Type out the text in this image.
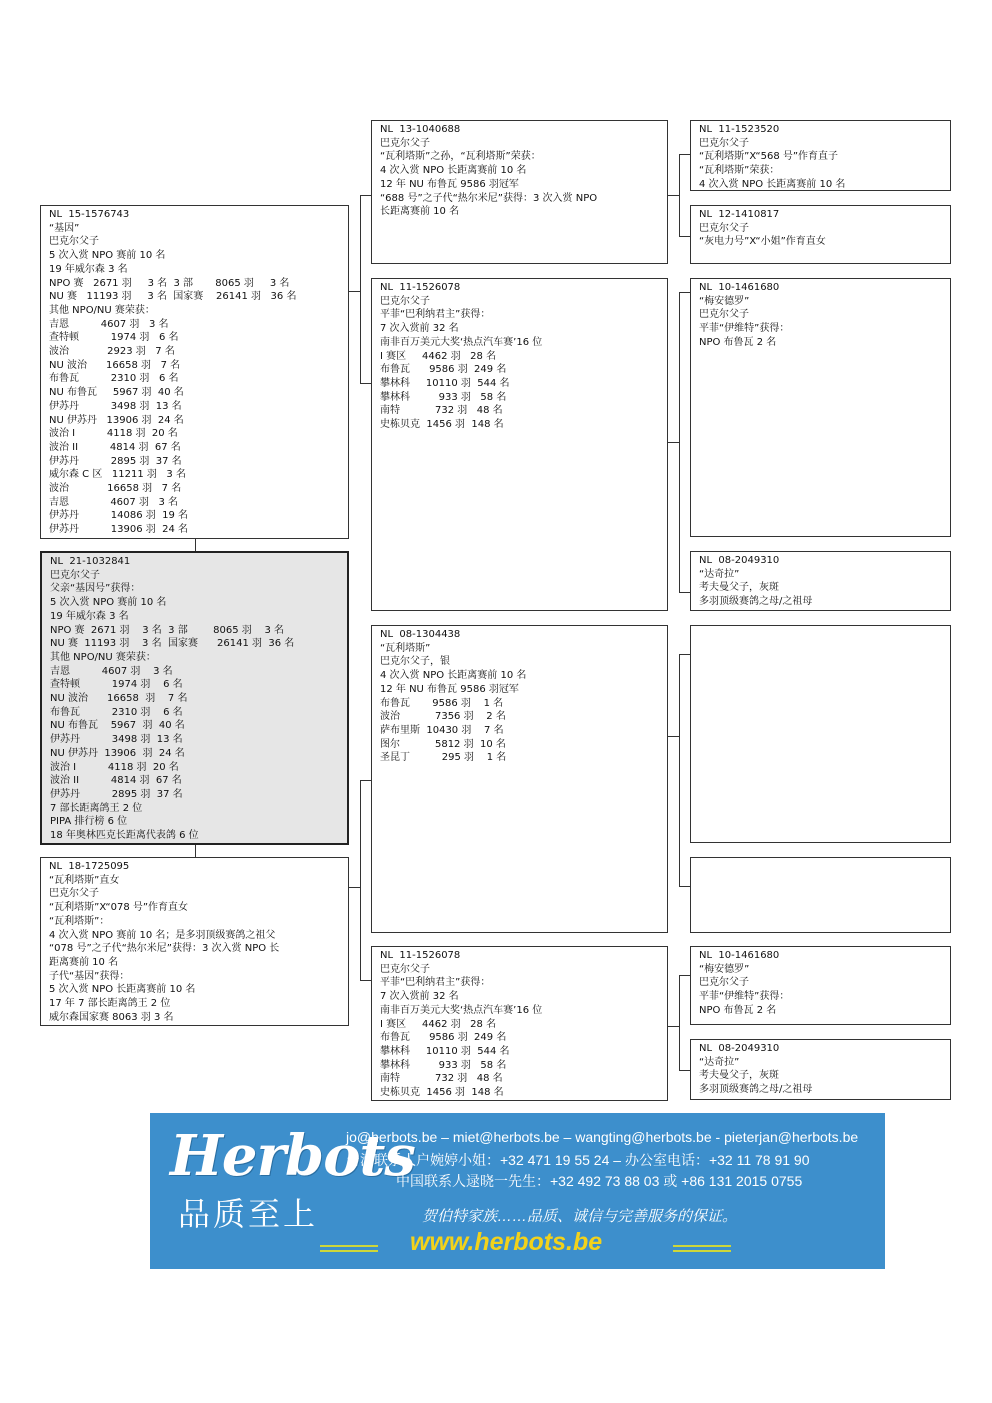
NL  15-1576743
“基因”
巴克尔父子
5 次入赏 NPO 赛前 10 名
19 年威尔森 3 名
NPO 赛   2671 羽     3 名  3 部       8065 羽     3 名
NU 赛   11193 羽     3 名  国家赛    26141 羽   36 名
其他 NPO/NU 赛荣获：
吉恩          4607 羽   3 名
查特顿          1974 羽   6 名
波治            2923 羽   7 名
NU 波治      16658 羽   7 名
布鲁瓦          2310 羽   6 名
NU 布鲁瓦     5967 羽  40 名
伊苏丹          3498 羽  13 名
NU 伊苏丹   13906 羽  24 名
波治 I          4118 羽  20 名
波治 II          4814 羽  67 名
伊苏丹          2895 羽  37 名
威尔森 C 区   11211 羽   3 名
波治            16658 羽   7 名
吉恩             4607 羽   3 名
伊苏丹          14086 羽  19 名
伊苏丹          13906 羽  24 名
NL  21-1032841
巴克尔父子
父亲“基因号”获得：
5 次入赏 NPO 赛前 10 名
19 年威尔森 3 名
NPO 赛  2671 羽    3 名  3 部        8065 羽    3 名
NU 赛  11193 羽    3 名  国家赛      26141 羽  36 名
其他 NPO/NU 赛荣获：
吉恩          4607 羽    3 名
查特顿          1974 羽    6 名
NU 波治      16658  羽    7 名
布鲁瓦          2310 羽    6 名
NU 布鲁瓦    5967  羽  40 名
伊苏丹          3498 羽  13 名
NU 伊苏丹  13906  羽  24 名
波治 I          4118 羽  20 名
波治 II          4814 羽  67 名
伊苏丹          2895 羽  37 名
7 部长距离鸽王 2 位
PIPA 排行榜 6 位
18 年奥林匹克长距离代表鸽 6 位
NL  18-1725095
“瓦利塔斯”直女
巴克尔父子
“瓦利塔斯”X“078 号”作育直女
“瓦利塔斯”：
4 次入赏 NPO 赛前 10 名；是多羽顶级赛鸽之祖父
“078 号”之子代“热尔米尼”获得：3 次入赏 NPO 长
距离赛前 10 名
子代“基因”获得：
5 次入赏 NPO 长距离赛前 10 名
17 年 7 部长距离鸽王 2 位
威尔森国家赛 8063 羽 3 名
NL  13-1040688
巴克尔父子
“瓦利塔斯”之孙，“瓦利塔斯”荣获：
4 次入赏 NPO 长距离赛前 10 名
12 年 NU 布鲁瓦 9586 羽冠军
“688 号”之子代“热尔米尼”获得：3 次入赏 NPO
长距离赛前 10 名
NL  11-1526078
巴克尔父子
平菲“巴利纳君主”获得：
7 次入赏前 32 名
南非百万美元大奖‘热点汽车赛’16 位
I 赛区     4462 羽   28 名
布鲁瓦      9586 羽  249 名
攀林科     10110 羽  544 名
攀林科         933 羽   58 名
南特           732 羽   48 名
史栋贝克  1456 羽  148 名
NL  08-1304438
“瓦利塔斯”
巴克尔父子，银
4 次入赏 NPO 长距离赛前 10 名
12 年 NU 布鲁瓦 9586 羽冠军
布鲁瓦       9586 羽    1 名
波治           7356 羽    2 名
萨布里斯  10430 羽    7 名
图尔           5812 羽  10 名
圣昆丁          295 羽    1 名
NL  11-1526078
巴克尔父子
平菲“巴利纳君主”获得：
7 次入赏前 32 名
南非百万美元大奖‘热点汽车赛’16 位
I 赛区     4462 羽   28 名
布鲁瓦      9586 羽  249 名
攀林科     10110 羽  544 名
攀林科         933 羽   58 名
南特           732 羽   48 名
史栋贝克  1456 羽  148 名
NL  11-1523520
巴克尔父子
“瓦利塔斯”X“568 号”作育直子
“瓦利塔斯”荣获：
4 次入赏 NPO 长距离赛前 10 名
NL  12-1410817
巴克尔父子
“灰电力号”X“小姐”作育直女
NL  10-1461680
“梅安德罗”
巴克尔父子
平菲“伊维特”获得：
NPO 布鲁瓦 2 名
NL  08-2049310
“达奇拉”
考夫曼父子，灰斑
多羽顶级赛鸽之母/之祖母
NL  10-1461680
“梅安德罗”
巴克尔父子
平菲“伊维特”获得：
NPO 布鲁瓦 2 名
NL  08-2049310
“达奇拉”
考夫曼父子，灰斑
多羽顶级赛鸽之母/之祖母
Herbots
品质至上
jo@herbots.be – miet@herbots.be – wangting@herbots.be - pieterjan@herbots.be
台湾联系人户婉婷小姐：+32 471 19 55 24 – 办公室电话：+32 11 78 91 90
中国联系人逯晓一先生：+32 492 73 88 03 或 +86 131 2015 0755
贺伯特家族……品质、诚信与完善服务的保证。
www.herbots.be
